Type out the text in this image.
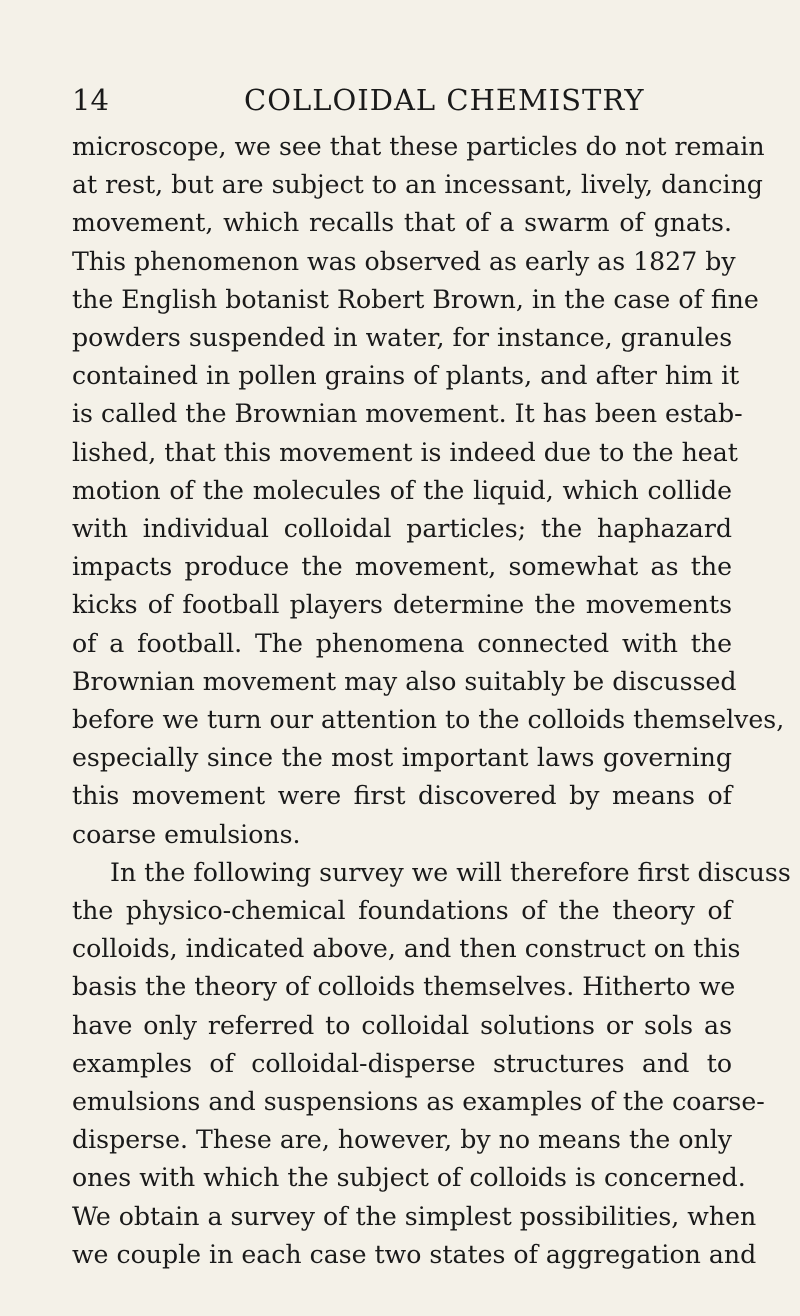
14	COLLOIDAL CHEMISTRY
microscope, we see that these particles do not remain
at rest, but are subject to an incessant, lively, dancing
movement, which recalls that of a swarm of gnats.
This phenomenon was observed as early as 1827 by
the English botanist Robert Brown, in the case of fine
powders suspended in water, for instance, granules
contained in pollen grains of plants, and after him it
is called the Brownian movement. It has been estab-
lished, that this movement is indeed due to the heat
motion of the molecules of the liquid, which collide
with individual colloidal particles; the haphazard
impacts produce the movement, somewhat as the
kicks of football players determine the movements
of a football. The phenomena connected with the
Brownian movement may also suitably be discussed
before we turn our attention to the colloids themselves,
especially since the most important laws governing
this movement were first discovered by means of
coarse emulsions.
In the following survey we will therefore first discuss
the physico-chemical foundations of the theory of
colloids, indicated above, and then construct on this
basis the theory of colloids themselves. Hitherto we
have only referred to colloidal solutions or sols as
examples of colloidal-disperse structures and to
emulsions and suspensions as examples of the coarse-
disperse. These are, however, by no means the only
ones with which the subject of colloids is concerned.
We obtain a survey of the simplest possibilities, when
we couple in each case two states of aggregation and
